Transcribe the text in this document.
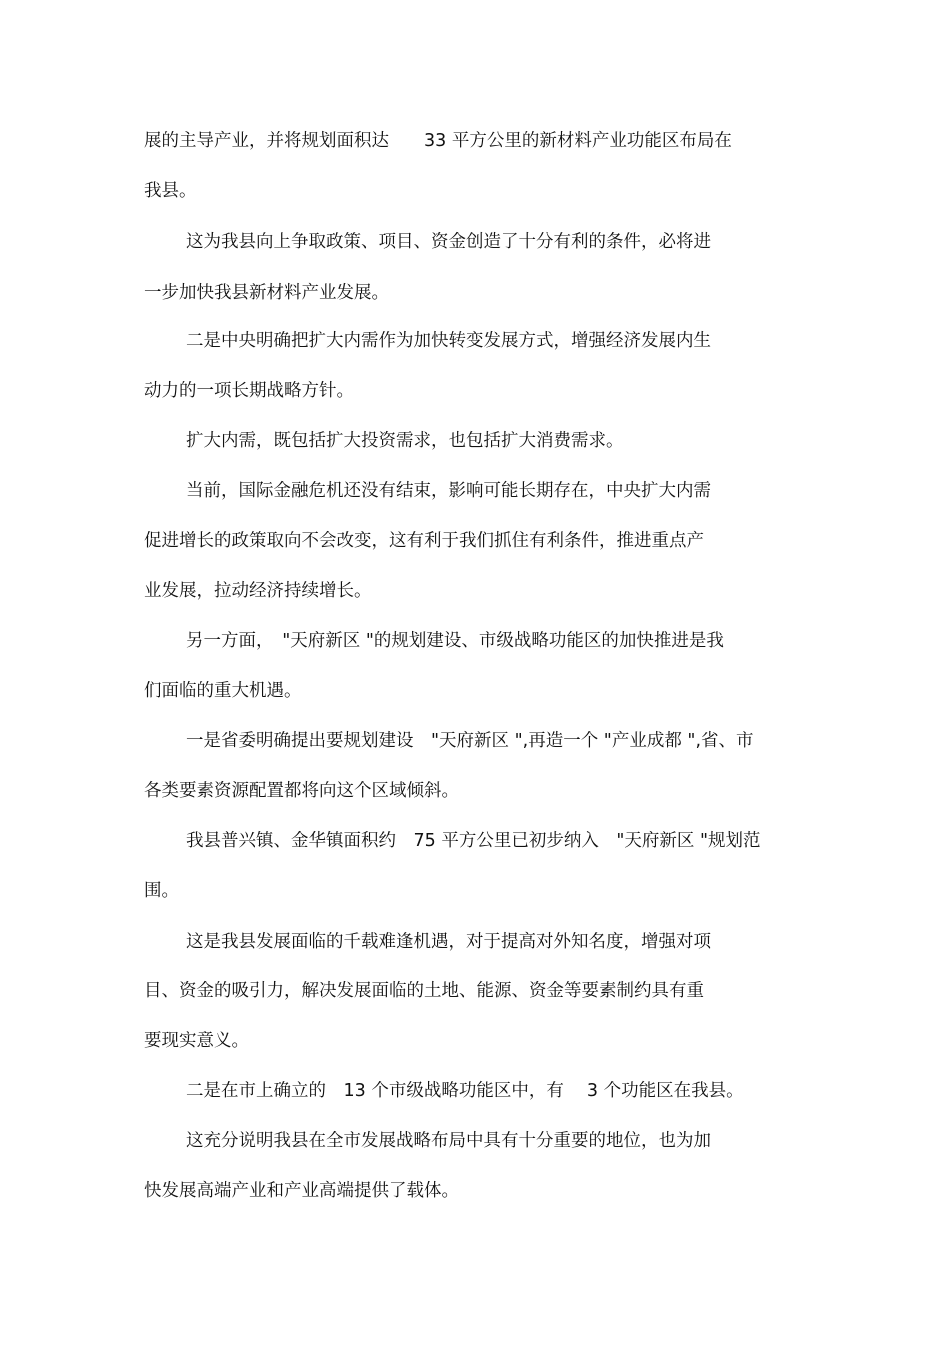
展的主导产业，并将规划面积达　　33 平方公里的新材料产业功能区布局在
我县。
这为我县向上争取政策、项目、资金创造了十分有利的条件，必将进
一步加快我县新材料产业发展。
二是中央明确把扩大内需作为加快转变发展方式，增强经济发展内生
动力的一项长期战略方针。
扩大内需，既包括扩大投资需求，也包括扩大消费需求。
当前，国际金融危机还没有结束，影响可能长期存在，中央扩大内需
促进增长的政策取向不会改变，这有利于我们抓住有利条件，推进重点产
业发展，拉动经济持续增长。
另一方面，　"天府新区 "的规划建设、市级战略功能区的加快推进是我
们面临的重大机遇。
一是省委明确提出要规划建设　"天府新区 ",再造一个 "产业成都 ",省、市
各类要素资源配置都将向这个区域倾斜。
我县普兴镇、金华镇面积约　75 平方公里已初步纳入　"天府新区 "规划范
围。
这是我县发展面临的千载难逢机遇，对于提高对外知名度，增强对项
目、资金的吸引力，解决发展面临的土地、能源、资金等要素制约具有重
要现实意义。
二是在市上确立的　13 个市级战略功能区中，有　 3 个功能区在我县。
这充分说明我县在全市发展战略布局中具有十分重要的地位，也为加
快发展高端产业和产业高端提供了载体。
